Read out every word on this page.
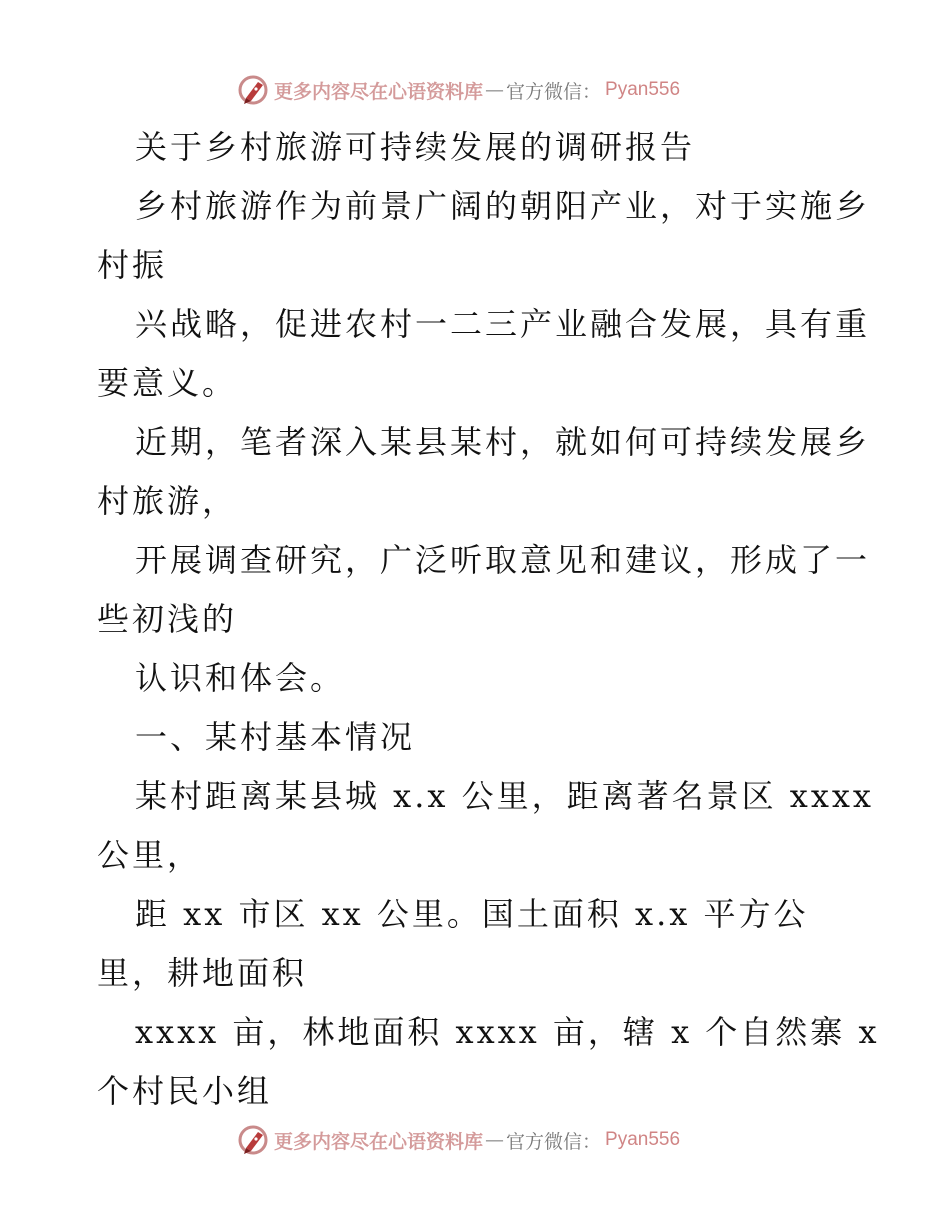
更多内容尽在心语资料库 — 官方微信： Pyan556
关于乡村旅游可持续发展的调研报告
乡村旅游作为前景广阔的朝阳产业，对于实施乡
村振
兴战略，促进农村一二三产业融合发展，具有重
要意义。
近期，笔者深入某县某村，就如何可持续发展乡
村旅游，
开展调查研究，广泛听取意见和建议，形成了一
些初浅的
认识和体会。
一、某村基本情况
某村距离某县城 x.x 公里，距离著名景区 xxxx
公里，
距 xx 市区 xx 公里。国土面积 x.x 平方公
里，耕地面积
xxxx 亩，林地面积 xxxx 亩，辖 x 个自然寨 x
个村民小组
更多内容尽在心语资料库 — 官方微信： Pyan556
